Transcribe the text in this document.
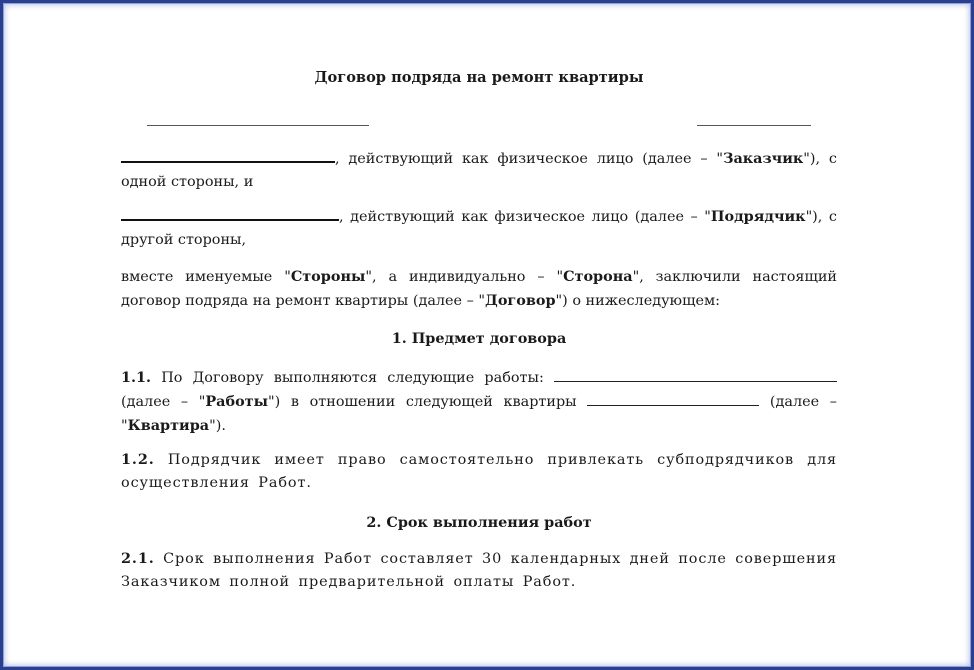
Договор подряда на ремонт квартиры
, действующий как физическое лицо (далее – "Заказчик"), с одной стороны, и
, действующий как физическое лицо (далее – "Подрядчик"), с другой стороны,
вместе именуемые "Стороны", а индивидуально – "Сторона", заключили настоящий договор подряда на ремонт квартиры (далее – "Договор") о нижеследующем:
1. Предмет договора
1.1. По Договору выполняются следующие работы:  (далее – "Работы") в отношении следующей квартиры	(далее – "Квартира").
1.2. Подрядчик имеет право самостоятельно привлекать субподрядчиков для осуществления Работ.
2. Срок выполнения работ
2.1. Срок выполнения Работ составляет 30 календарных дней после совершения Заказчиком полной предварительной оплаты Работ.
